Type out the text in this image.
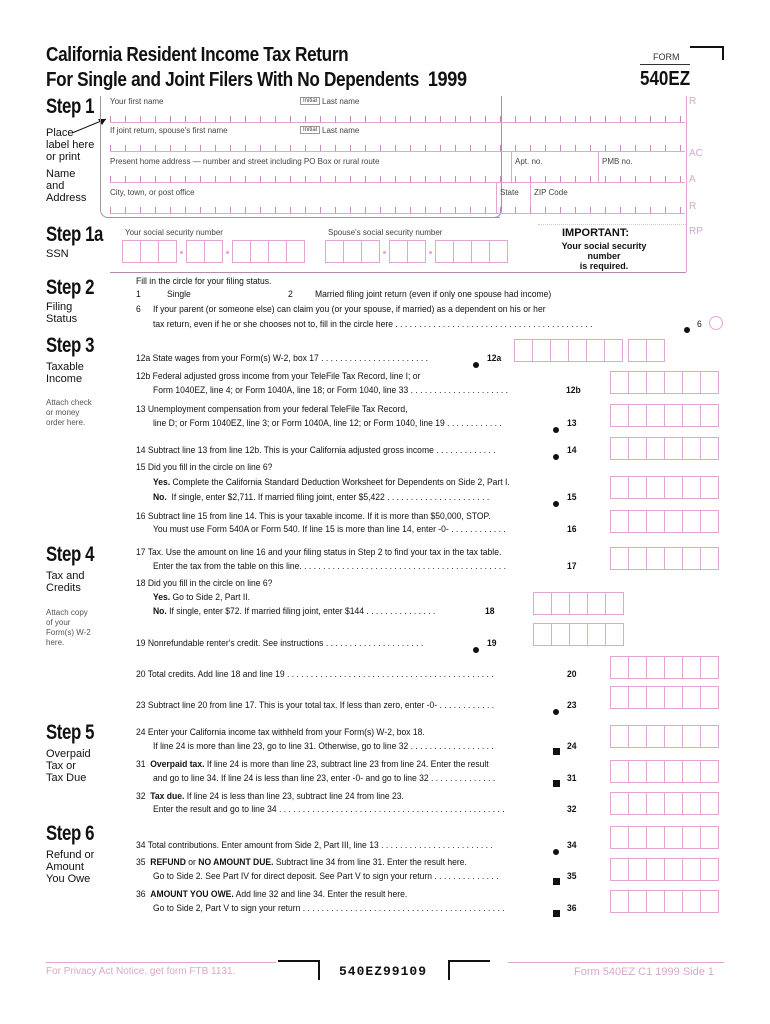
California Resident Income Tax Return
For Single and Joint Filers With No Dependents 1999
FORM
540EZ
R
AC
A
R
RP
Step 1
Place
label here
or print
Name
and
Address
Your first name	Initial Last name
If joint return, spouse's first name	Initial Last name
Present home address — number and street including PO Box or rural route	Apt. no.	PMB no.
City, town, or post office	State ZIP Code
Step 1a
SSN
Your social security number	Spouse's social security number	IMPORTANT:
Your social security number
is required.
Step 2
Filing
Status
Fill in the circle for your filing status.
1	Single	2 Married filing joint return (even if only one spouse had income)
6 If your parent (or someone else) can claim you (or your spouse, if married) as a dependent on his or her
tax return, even if he or she chooses not to, fill in the circle here . . . . . . . . . . . . . . . . . . . . . . . . . . . . . . . . . . . . . . . . . .	6
Step 3
Taxable
Income
Attach check
or money
order here.
12a State wages from your Form(s) W-2, box 17 . . . . . . . . . . . . . . . . . . . . . . .	12a
12b Federal adjusted gross income from your TeleFile Tax Record, line I; or
Form 1040EZ, line 4; or Form 1040A, line 18; or Form 1040, line 33 . . . . . . . . . . . . . . . . . . . . .	12b
13 Unemployment compensation from your federal TeleFile Tax Record,
line D; or Form 1040EZ, line 3; or Form 1040A, line 12; or Form 1040, line 19 . . . . . . . . . . . .	13
14 Subtract line 13 from line 12b. This is your California adjusted gross income . . . . . . . . . . . . .	14
15 Did you fill in the circle on line 6?
Yes. Complete the California Standard Deduction Worksheet for Dependents on Side 2, Part I.
No. If single, enter $2,711. If married filing joint, enter $5,422 . . . . . . . . . . . . . . . . . . . . . .	15
16 Subtract line 15 from line 14. This is your taxable income. If it is more than $50,000, STOP.
You must use Form 540A or Form 540. If line 15 is more than line 14, enter -0- . . . . . . . . . . . .	16
Step 4
Tax and
Credits
Attach copy
of your
Form(s) W-2
here.
17 Tax. Use the amount on line 16 and your filing status in Step 2 to find your tax in the tax table.
Enter the tax from the table on this line. . . . . . . . . . . . . . . . . . . . . . . . . . . . . . . . . . . . . . . . . . . .	17
18 Did you fill in the circle on line 6?
Yes. Go to Side 2, Part II.
No. If single, enter $72. If married filing joint, enter $144 . . . . . . . . . . . . . . .	18
19 Nonrefundable renter's credit. See instructions . . . . . . . . . . . . . . . . . . . . .	19
20 Total credits. Add line 18 and line 19 . . . . . . . . . . . . . . . . . . . . . . . . . . . . . . . . . . . . . . . . . . . .	20
23 Subtract line 20 from line 17. This is your total tax. If less than zero, enter -0- . . . . . . . . . . . .	23
Step 5
Overpaid
Tax or
Tax Due
24 Enter your California income tax withheld from your Form(s) W-2, box 18.
If line 24 is more than line 23, go to line 31. Otherwise, go to line 32 . . . . . . . . . . . . . . . . . .	24
31 Overpaid tax. If line 24 is more than line 23, subtract line 23 from line 24. Enter the result
and go to line 34. If line 24 is less than line 23, enter -0- and go to line 32 . . . . . . . . . . . . . .	31
32 Tax due. If line 24 is less than line 23, subtract line 24 from line 23.
Enter the result and go to line 34 . . . . . . . . . . . . . . . . . . . . . . . . . . . . . . . . . . . . . . . . . . . . . . . .	32
Step 6
Refund or
Amount
You Owe
34 Total contributions. Enter amount from Side 2, Part III, line 13 . . . . . . . . . . . . . . . . . . . . . . . .	34
35 REFUND or NO AMOUNT DUE. Subtract line 34 from line 31. Enter the result here.
Go to Side 2. See Part IV for direct deposit. See Part V to sign your return . . . . . . . . . . . . . .	35
36 AMOUNT YOU OWE. Add line 32 and line 34. Enter the result here.
Go to Side 2, Part V to sign your return . . . . . . . . . . . . . . . . . . . . . . . . . . . . . . . . . . . . . . . . . . .	36
For Privacy Act Notice, get form FTB 1131.	540EZ99109	Form 540EZ C1 1999 Side 1
